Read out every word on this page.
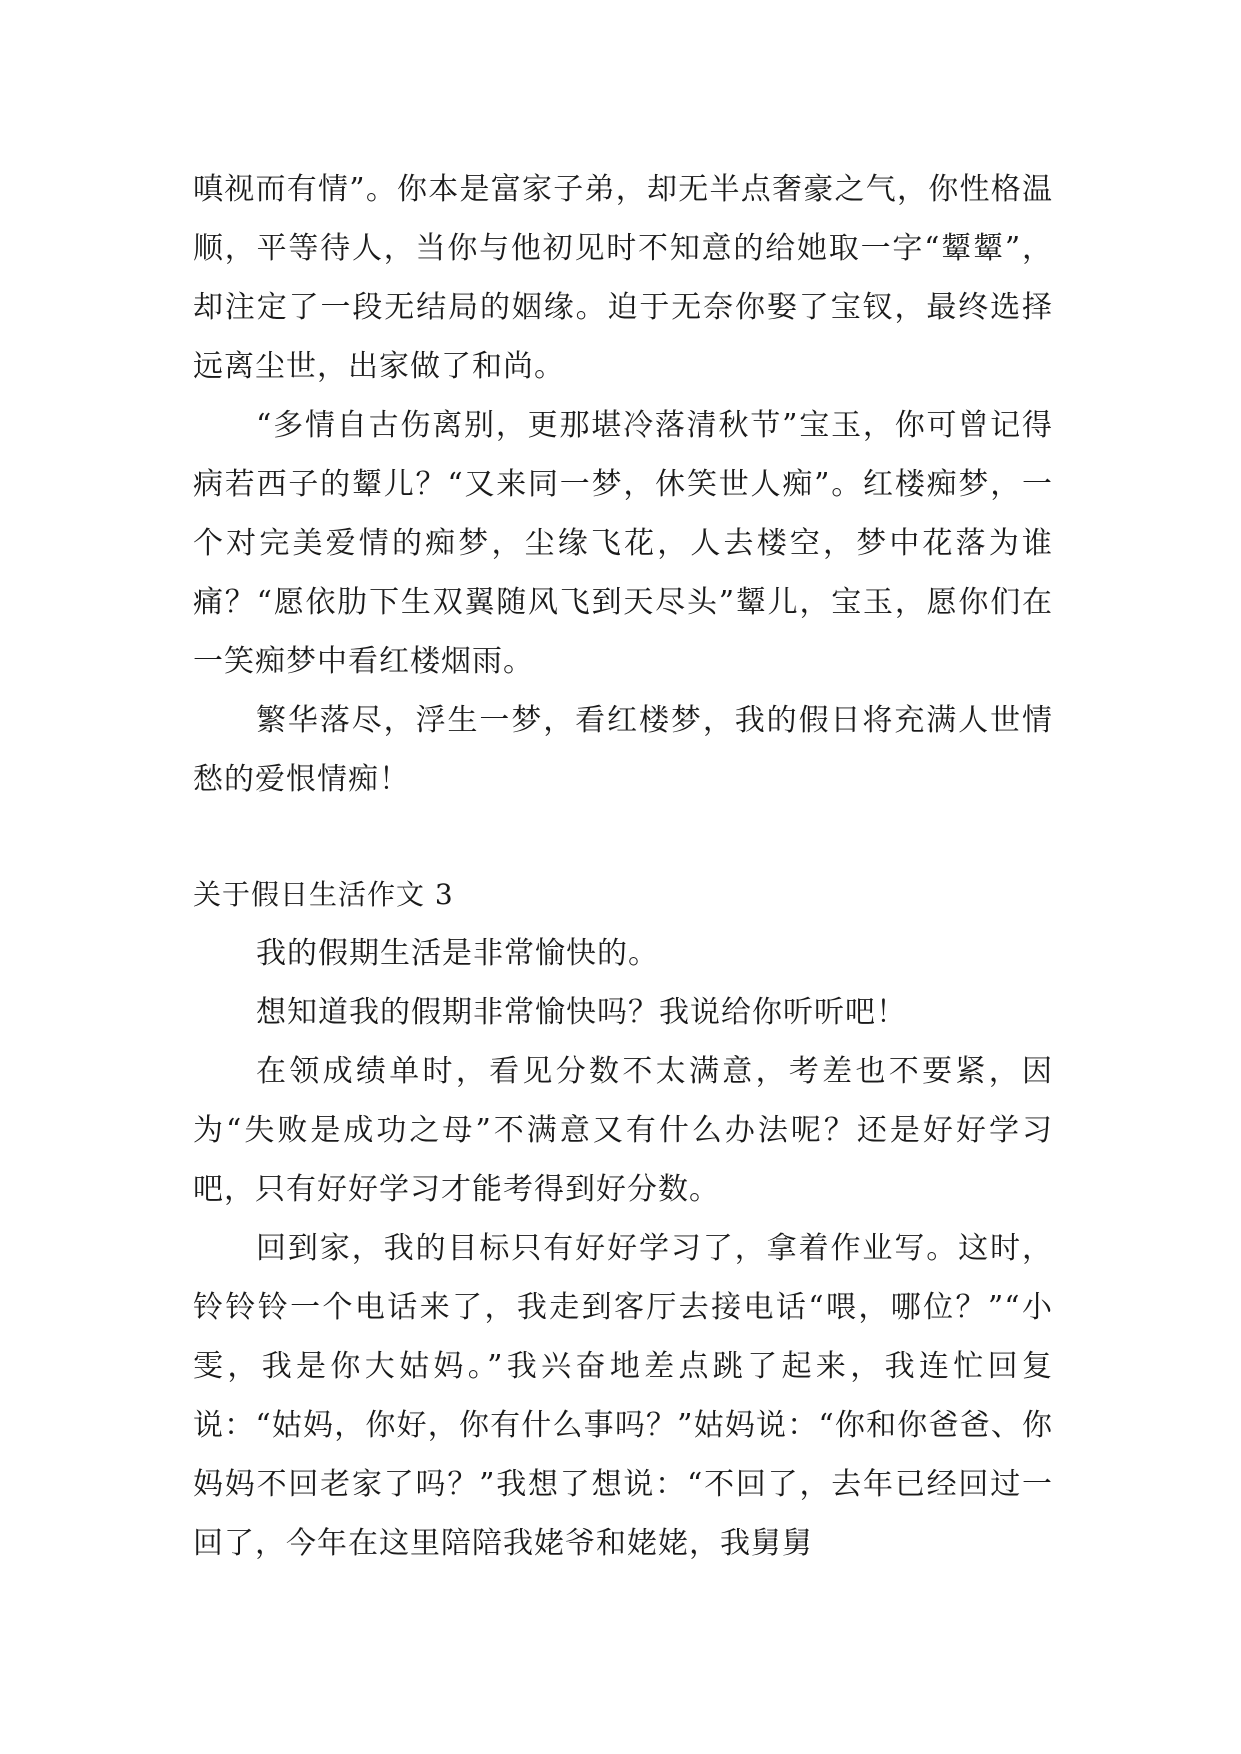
嗔视而有情”。你本是富家子弟，却无半点奢豪之气，你性格温顺，平等待人，当你与他初见时不知意的给她取一字“颦颦”，却注定了一段无结局的姻缘。迫于无奈你娶了宝钗，最终选择远离尘世，出家做了和尚。

“多情自古伤离别，更那堪冷落清秋节”宝玉，你可曾记得病若西子的颦儿？“又来同一梦，休笑世人痴”。红楼痴梦，一个对完美爱情的痴梦，尘缘飞花，人去楼空，梦中花落为谁痛？“愿依肋下生双翼随风飞到天尽头”颦儿，宝玉，愿你们在一笑痴梦中看红楼烟雨。

繁华落尽，浮生一梦，看红楼梦，我的假日将充满人世情愁的爱恨情痴！

关于假日生活作文 3

我的假期生活是非常愉快的。

想知道我的假期非常愉快吗？我说给你听听吧！

在领成绩单时，看见分数不太满意，考差也不要紧，因为“失败是成功之母”不满意又有什么办法呢？还是好好学习吧，只有好好学习才能考得到好分数。

回到家，我的目标只有好好学习了，拿着作业写。这时，铃铃铃一个电话来了，我走到客厅去接电话“喂，哪位？”“小雯，我是你大姑妈。”我兴奋地差点跳了起来，我连忙回复说：“姑妈，你好，你有什么事吗？”姑妈说：“你和你爸爸、你妈妈不回老家了吗？”我想了想说：“不回了，去年已经回过一回了，今年在这里陪陪我姥爷和姥姥，我舅舅
